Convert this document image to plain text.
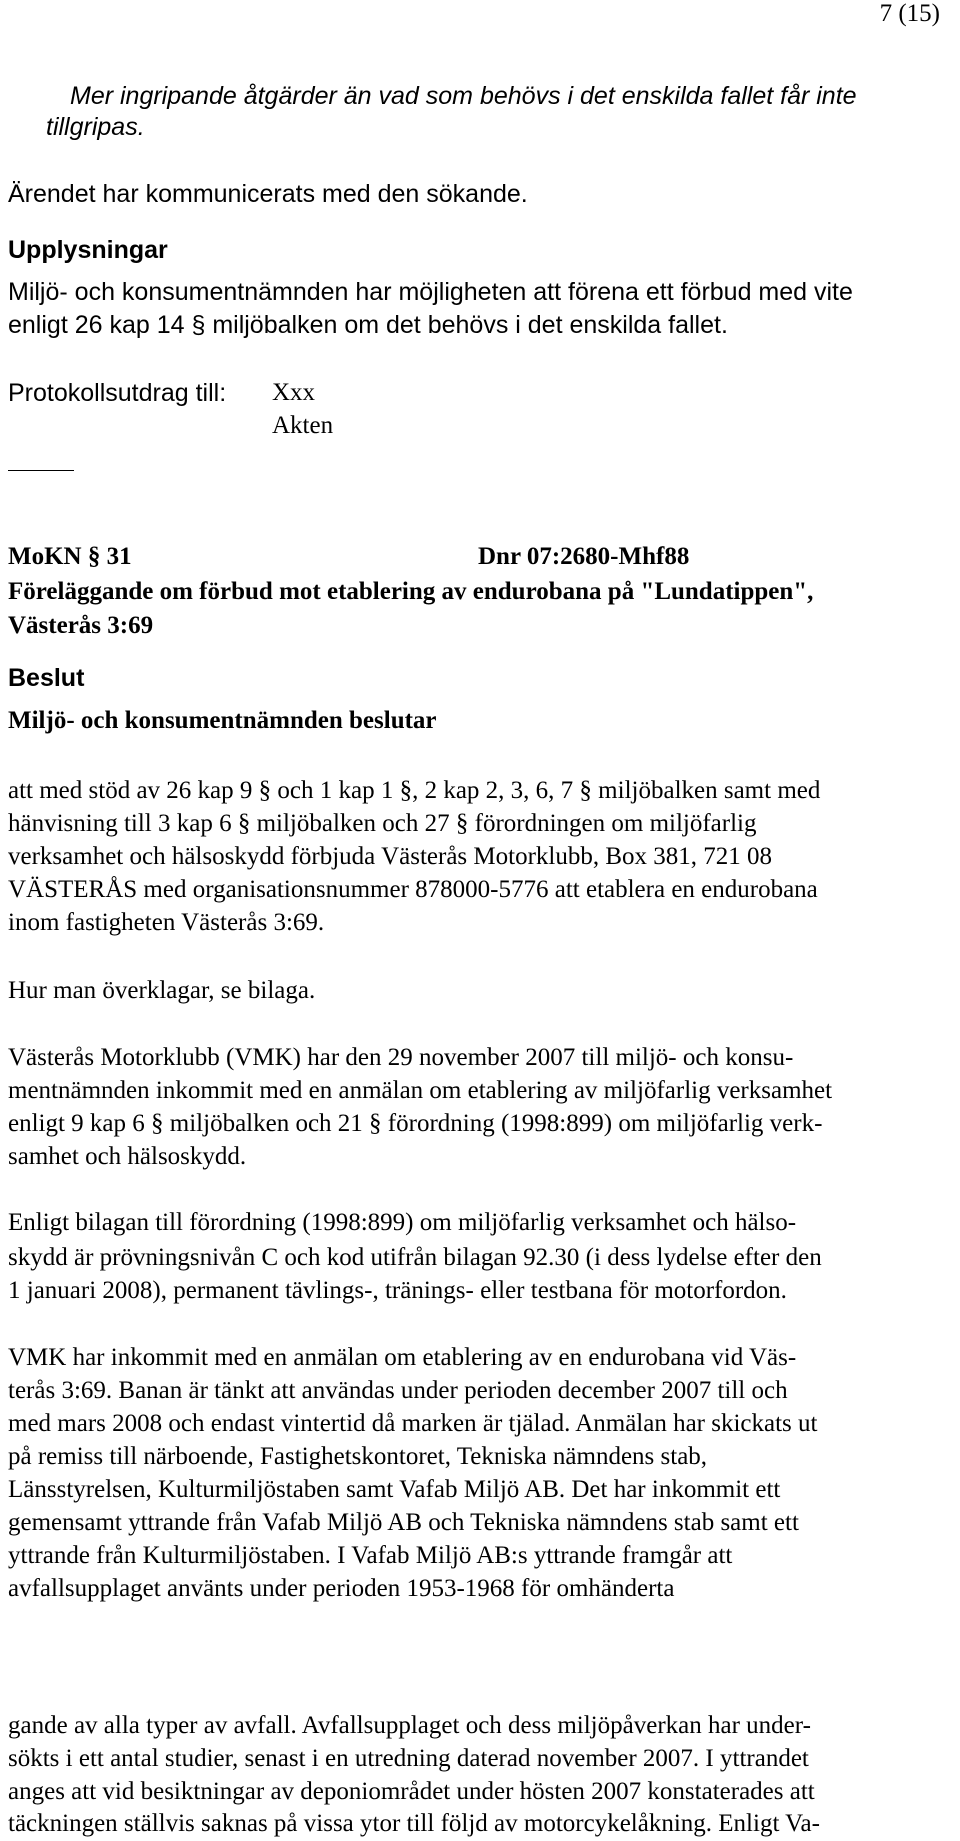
7 (15)
Mer ingripande åtgärder än vad som behövs i det enskilda fallet får inte
tillgripas.
Ärendet har kommunicerats med den sökande.
Upplysningar
Miljö- och konsumentnämnden har möjligheten att förena ett förbud med vite
enligt 26 kap 14 § miljöbalken om det behövs i det enskilda fallet.
Protokollsutdrag till: Xxx
Akten
MoKN § 31	Dnr 07:2680-Mhf88
Föreläggande om förbud mot etablering av endurobana på "Lundatippen",
Västerås 3:69
Beslut
Miljö- och konsumentnämnden beslutar
att med stöd av 26 kap 9 § och 1 kap 1 §, 2 kap 2, 3, 6, 7 § miljöbalken samt med
hänvisning till 3 kap 6 § miljöbalken och 27 § förordningen om miljöfarlig
verksamhet och hälsoskydd förbjuda Västerås Motorklubb, Box 381, 721 08
VÄSTERÅS med organisationsnummer 878000-5776 att etablera en endurobana
inom fastigheten Västerås 3:69.
Hur man överklagar, se bilaga.
Västerås Motorklubb (VMK) har den 29 november 2007 till miljö- och konsu-
mentnämnden inkommit med en anmälan om etablering av miljöfarlig verksamhet
enligt 9 kap 6 § miljöbalken och 21 § förordning (1998:899) om miljöfarlig verk-
samhet och hälsoskydd.
Enligt bilagan till förordning (1998:899) om miljöfarlig verksamhet och hälso-
skydd är prövningsnivån C och kod utifrån bilagan 92.30 (i dess lydelse efter den
1 januari 2008), permanent tävlings-, tränings- eller testbana för motorfordon.
VMK har inkommit med en anmälan om etablering av en endurobana vid Väs-
terås 3:69. Banan är tänkt att användas under perioden december 2007 till och
med mars 2008 och endast vintertid då marken är tjälad. Anmälan har skickats ut
på remiss till närboende, Fastighetskontoret, Tekniska nämndens stab,
Länsstyrelsen, Kulturmiljöstaben samt Vafab Miljö AB. Det har inkommit ett
gemensamt yttrande från Vafab Miljö AB och Tekniska nämndens stab samt ett
yttrande från Kulturmiljöstaben. I Vafab Miljö AB:s yttrande framgår att
avfallsupplaget använts under perioden 1953-1968 för omhänderta
gande av alla typer av avfall. Avfallsupplaget och dess miljöpåverkan har under-
sökts i ett antal studier, senast i en utredning daterad november 2007. I yttrandet
anges att vid besiktningar av deponiområdet under hösten 2007 konstaterades att
täckningen ställvis saknas på vissa ytor till följd av motorcykelåkning. Enligt Va-
